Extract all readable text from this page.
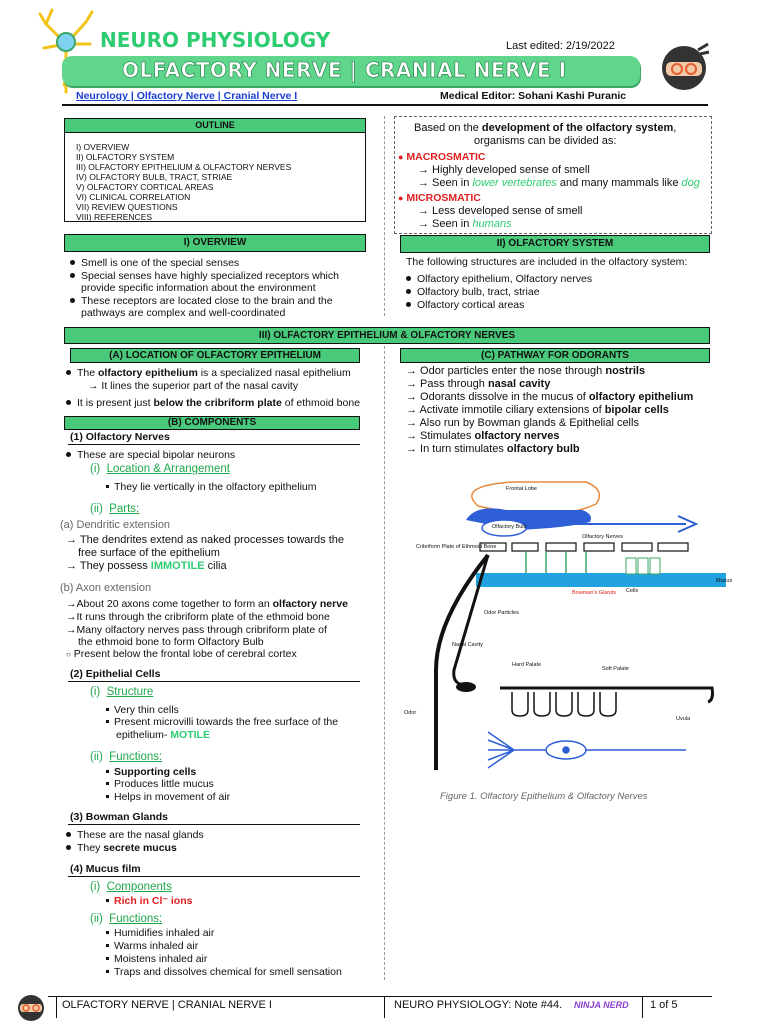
NEURO PHYSIOLOGY	Last edited: 2/19/2022
OLFACTORY NERVE | CRANIAL NERVE I
Neurology | Olfactory Nerve | Cranial Nerve I	Medical Editor: Sohani Kashi Puranic
OUTLINE
I) OVERVIEW
II) OLFACTORY SYSTEM
III) OLFACTORY EPITHELIUM & OLFACTORY NERVES
IV) OLFACTORY BULB, TRACT, STRIAE
V) OLFACTORY CORTICAL AREAS
VI) CLINICAL CORRELATION
VII) REVIEW QUESTIONS
VIII) REFERENCES
Based on the development of the olfactory system,
organisms can be divided as:
● MACROSMATIC
→ Highly developed sense of smell
→ Seen in lower vertebrates and many mammals like dog
● MICROSMATIC
→ Less developed sense of smell
→ Seen in humans
I) OVERVIEW	II) OLFACTORY SYSTEM
Smell is one of the special senses
Special senses have highly specialized receptors which
provide specific information about the environment
These receptors are located close to the brain and the
pathways are complex and well-coordinated
The following structures are included in the olfactory system:
Olfactory epithelium, Olfactory nerves
Olfactory bulb, tract, striae
Olfactory cortical areas
III) OLFACTORY EPITHELIUM & OLFACTORY NERVES
(A) LOCATION OF OLFACTORY EPITHELIUM	(C) PATHWAY FOR ODORANTS
The olfactory epithelium is a specialized nasal epithelium
→ It lines the superior part of the nasal cavity
It is present just below the cribriform plate of ethmoid bone
(B) COMPONENTS
(1) Olfactory Nerves
These are special bipolar neurons
(i) Location & Arrangement
They lie vertically in the olfactory epithelium
(ii) Parts:
(a) Dendritic extension
→ The dendrites extend as naked processes towards the
free surface of the epithelium
→ They possess IMMOTILE cilia
(b) Axon extension
→About 20 axons come together to form an olfactory nerve
→It runs through the cribriform plate of the ethmoid bone
→Many olfactory nerves pass through cribriform plate of
the ethmoid bone to form Olfactory Bulb
○ Present below the frontal lobe of cerebral cortex
(2) Epithelial Cells
(i) Structure
Very thin cells
Present microvilli towards the free surface of the
epithelium- MOTILE
(ii) Functions:
Supporting cells
Produces little mucus
Helps in movement of air
(3) Bowman Glands
These are the nasal glands
They secrete mucus
(4) Mucus film
(i) Components
Rich in Cl⁻ ions
(ii) Functions:
Humidifies inhaled air
Warms inhaled air
Moistens inhaled air
Traps and dissolves chemical for smell sensation
→ Odor particles enter the nose through nostrils
→ Pass through nasal cavity
→ Odorants dissolve in the mucus of olfactory epithelium
→ Activate immotile ciliary extensions of bipolar cells
→ Also run by Bowman glands & Epithelial cells
→ Stimulates olfactory nerves
→ In turn stimulates olfactory bulb
Frontal Lobe
Olfactory Bulb
Olfactory Nerves
Cribriform Plate of Ethmoid Bone
Mucus
Bowman's Glands Cells
Odor Particles
Nasal Cavity
Odor
Hard Palate
Soft Palate
Uvula
Figure 1. Olfactory Epithelium & Olfactory Nerves
OLFACTORY NERVE | CRANIAL NERVE I	NEURO PHYSIOLOGY: Note #44. NINJA NERD 1 of 5
